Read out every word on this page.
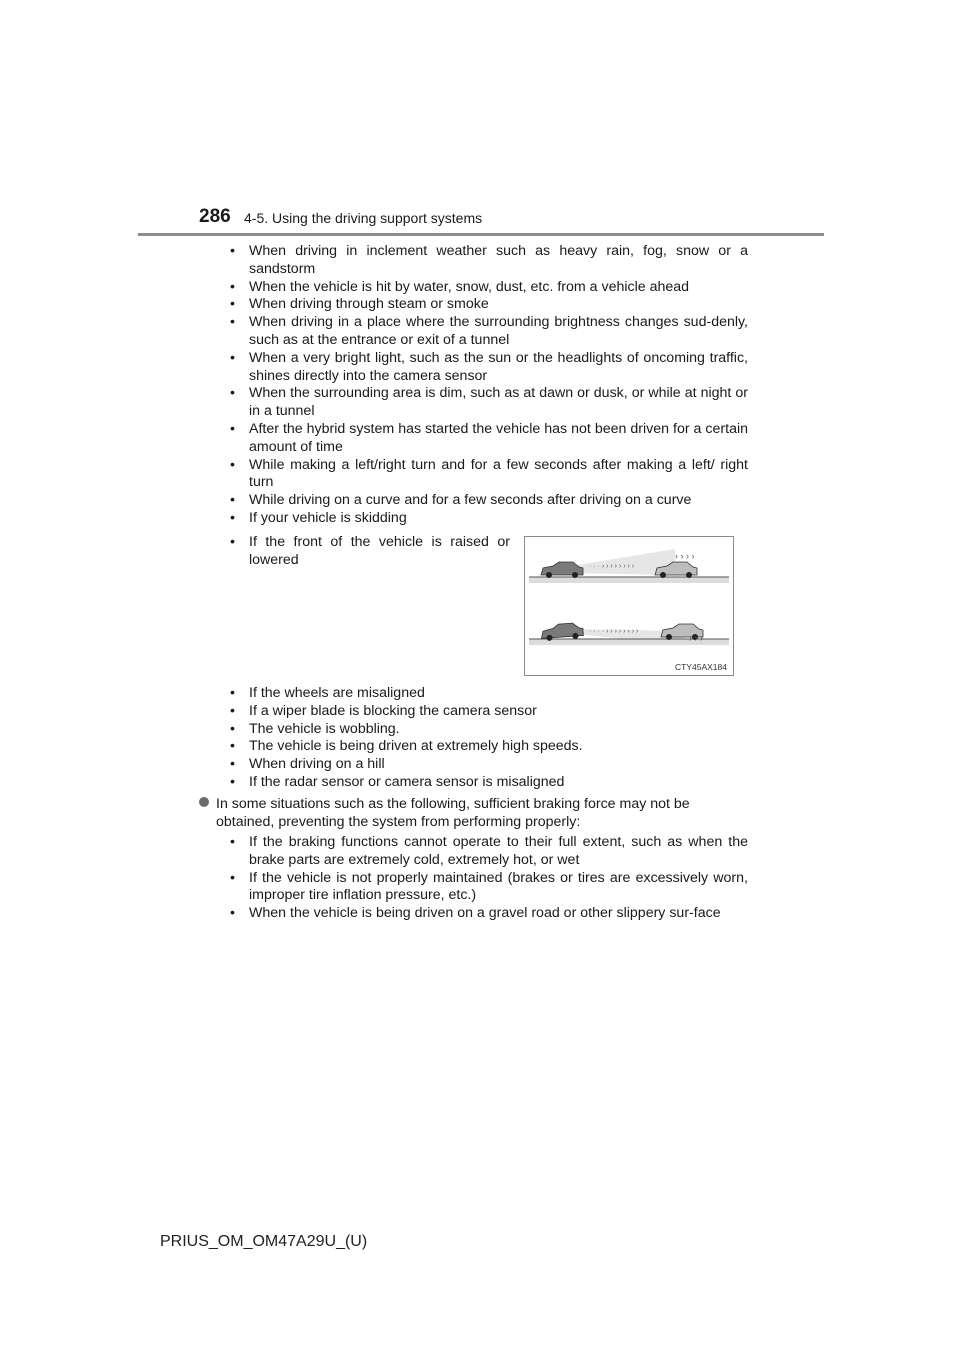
286 4-5. Using the driving support systems
• When driving in inclement weather such as heavy rain, fog, snow or a sandstorm
• When the vehicle is hit by water, snow, dust, etc. from a vehicle ahead
• When driving through steam or smoke
• When driving in a place where the surrounding brightness changes sud-denly, such as at the entrance or exit of a tunnel
• When a very bright light, such as the sun or the headlights of oncoming traffic, shines directly into the camera sensor
• When the surrounding area is dim, such as at dawn or dusk, or while at night or in a tunnel
• After the hybrid system has started the vehicle has not been driven for a certain amount of time
• While making a left/right turn and for a few seconds after making a left/ right turn
• While driving on a curve and for a few seconds after driving on a curve
• If your vehicle is skidding
• If the front of the vehicle is raised or lowered	· · · › › › › › › › ›
› › › ›
· · · · › › › › › › › ›
› › ›
CTY45AX184
• If the wheels are misaligned
• If a wiper blade is blocking the camera sensor
• The vehicle is wobbling.
• The vehicle is being driven at extremely high speeds.
• When driving on a hill
• If the radar sensor or camera sensor is misaligned
In some situations such as the following, sufficient braking force may not be obtained, preventing the system from performing properly:
• If the braking functions cannot operate to their full extent, such as when the brake parts are extremely cold, extremely hot, or wet
• If the vehicle is not properly maintained (brakes or tires are excessively worn, improper tire inflation pressure, etc.)
• When the vehicle is being driven on a gravel road or other slippery sur-face
PRIUS_OM_OM47A29U_(U)
